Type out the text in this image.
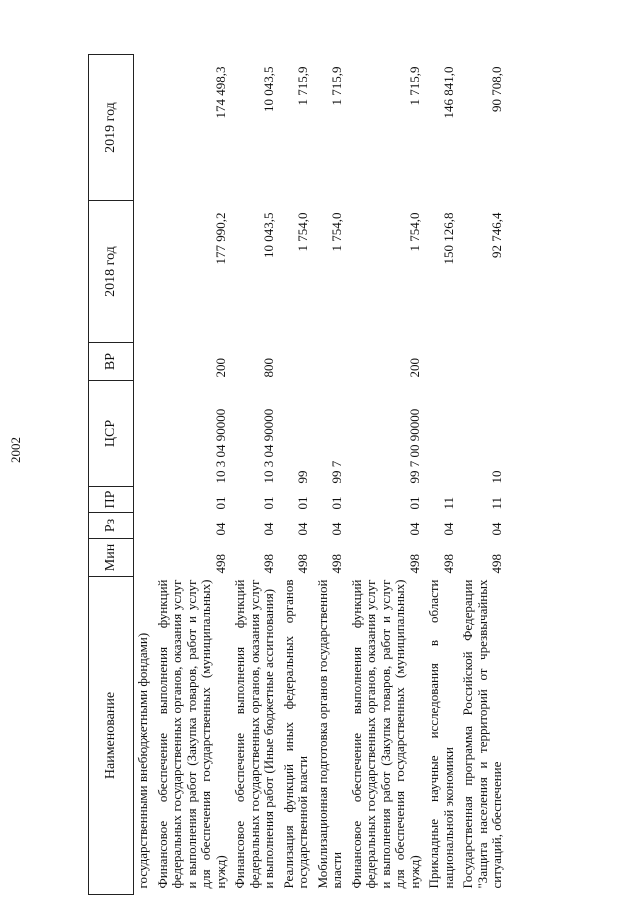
2002
Наименование	Мин	Рз	ПР	ЦСР	ВР	2018 год	2019 год
государственными внебюджетными фондами)							
Финансовое обеспечение выполнения функций федеральных государственных органов, оказания услуг и выполнения работ (Закупка товаров, работ и услуг для обеспечения государственных (муниципальных) нужд)	498	04	01	10 3 04 90000	200	177 990,2	174 498,3
Финансовое обеспечение выполнения функций федеральных государственных органов, оказания услуг и выполнения работ (Иные бюджетные ассигнования)	498	04	01	10 3 04 90000	800	10 043,5	10 043,5
Реализация функций иных федеральных органов государственной власти	498	04	01	99		1 754,0	1 715,9
Мобилизационная подготовка органов государственной власти	498	04	01	99 7		1 754,0	1 715,9
Финансовое обеспечение выполнения функций федеральных государственных органов, оказания услуг и выполнения работ (Закупка товаров, работ и услуг для обеспечения государственных (муниципальных) нужд)	498	04	01	99 7 00 90000	200	1 754,0	1 715,9
Прикладные научные исследования в области национальной экономики	498	04	11			150 126,8	146 841,0
Государственная программа Российской Федерации "Защита населения и территорий от чрезвычайных ситуаций, обеспечение	498	04	11	10		92 746,4	90 708,0
